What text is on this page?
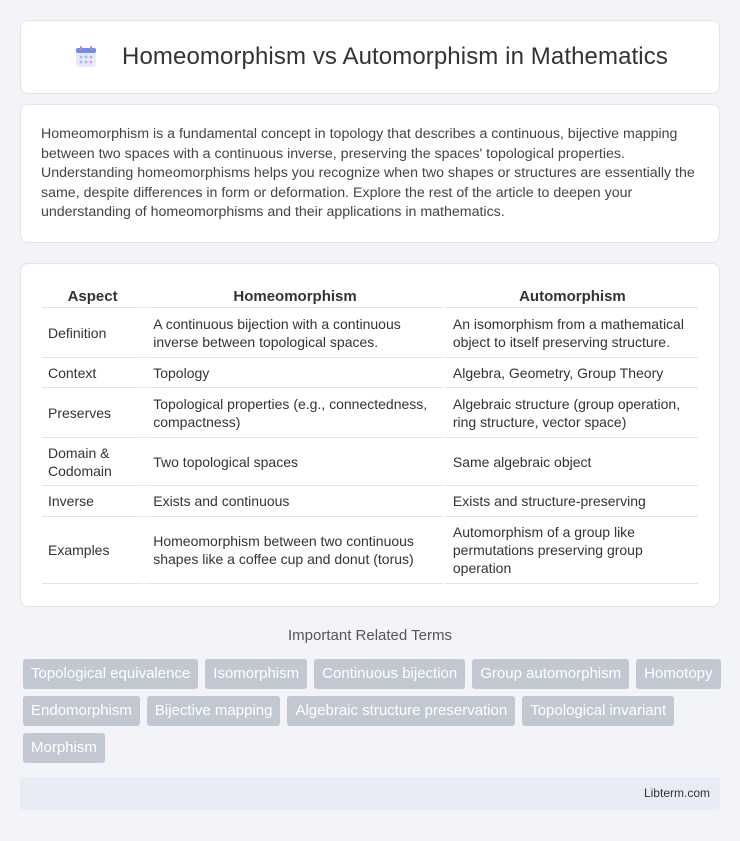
Homeomorphism vs Automorphism in Mathematics

Homeomorphism is a fundamental concept in topology that describes a continuous, bijective mapping between two spaces with a continuous inverse, preserving the spaces' topological properties. Understanding homeomorphisms helps you recognize when two shapes or structures are essentially the same, despite differences in form or deformation. Explore the rest of the article to deepen your understanding of homeomorphisms and their applications in mathematics.

Aspect	Homeomorphism	Automorphism
Definition	A continuous bijection with a continuous inverse between topological spaces.	An isomorphism from a mathematical object to itself preserving structure.
Context	Topology	Algebra, Geometry, Group Theory
Preserves	Topological properties (e.g., connectedness, compactness)	Algebraic structure (group operation, ring structure, vector space)
Domain & Codomain	Two topological spaces	Same algebraic object
Inverse	Exists and continuous	Exists and structure-preserving
Examples	Homeomorphism between two continuous shapes like a coffee cup and donut (torus)	Automorphism of a group like permutations preserving group operation
Important Related Terms
Topological equivalence	Isomorphism	Continuous bijection	Group automorphism	Homotopy
Endomorphism	Bijective mapping	Algebraic structure preservation	Topological invariant
Morphism
Libterm.com
